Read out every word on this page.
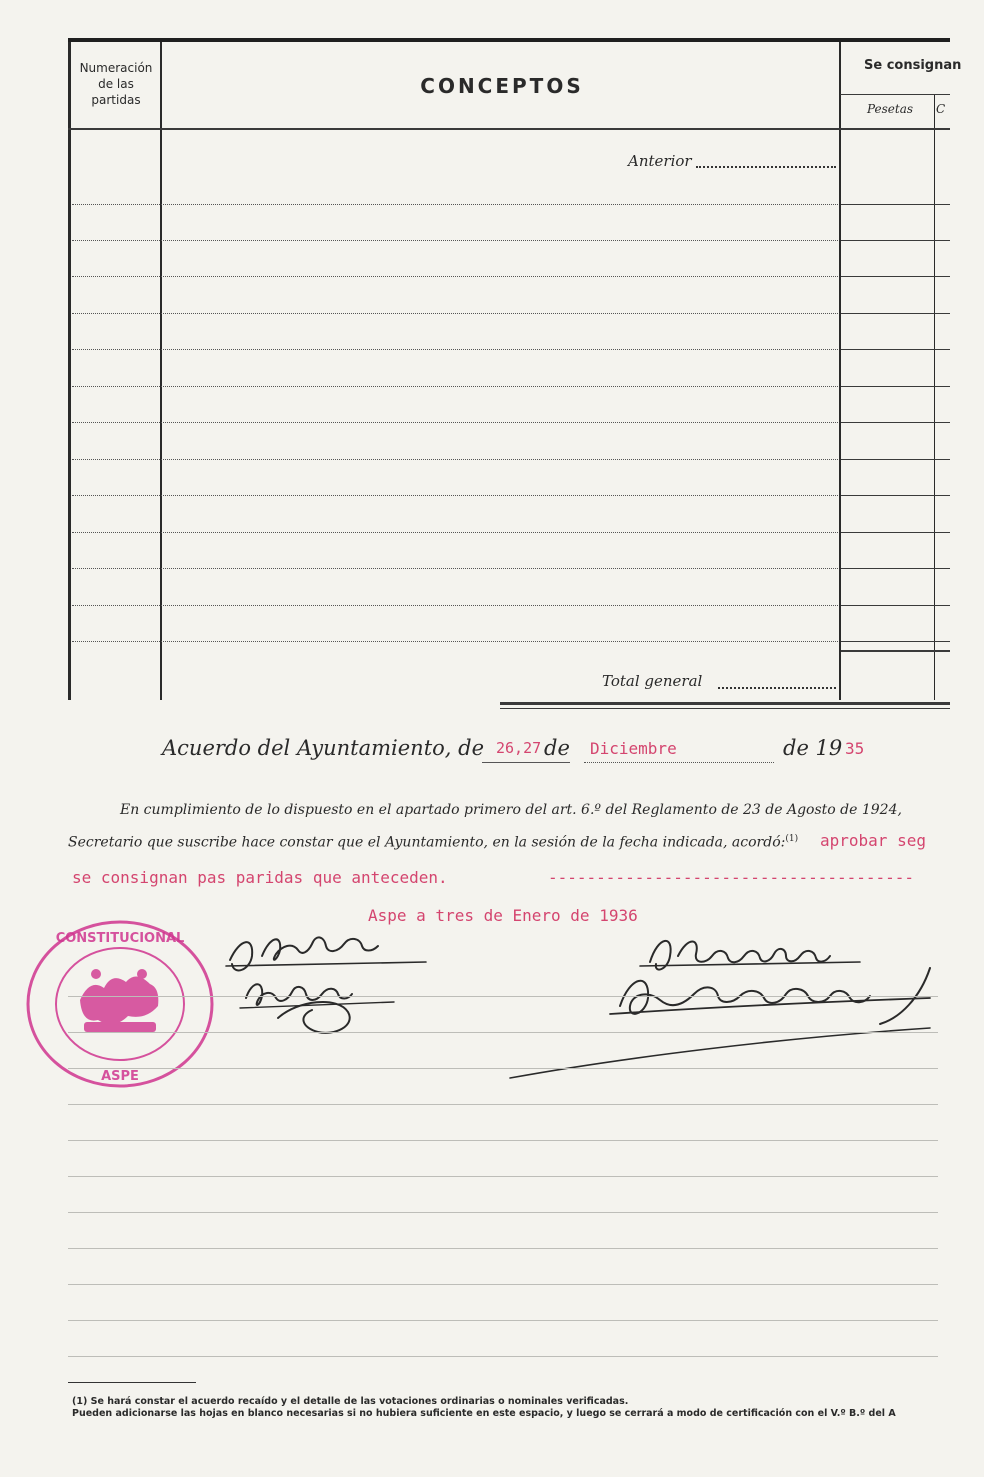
Numeración de las partidas
CONCEPTOS
Se consignan
Pesetas	C
Anterior
Total general
Acuerdo del Ayuntamiento, de 26,27 de Diciembre	de 19 35
En cumplimiento de lo dispuesto en el apartado primero del art. 6.º del Reglamento de 23 de Agosto de 1924,
Secretario que suscribe hace constar que el Ayuntamiento, en la sesión de la fecha indicada, acordó:$^{(1)}$ aprobar seg
se consignan pas paridas que anteceden.	--------------------------------------
Aspe a tres de Enero de 1936
CONSTITUCIONAL
ASPE
(1) Se hará constar el acuerdo recaído y el detalle de las votaciones ordinarias o nominales verificadas.
Pueden adicionarse las hojas en blanco necesarias si no hubiera suficiente en este espacio, y luego se cerrará a modo de certificación con el V.º B.º del A
